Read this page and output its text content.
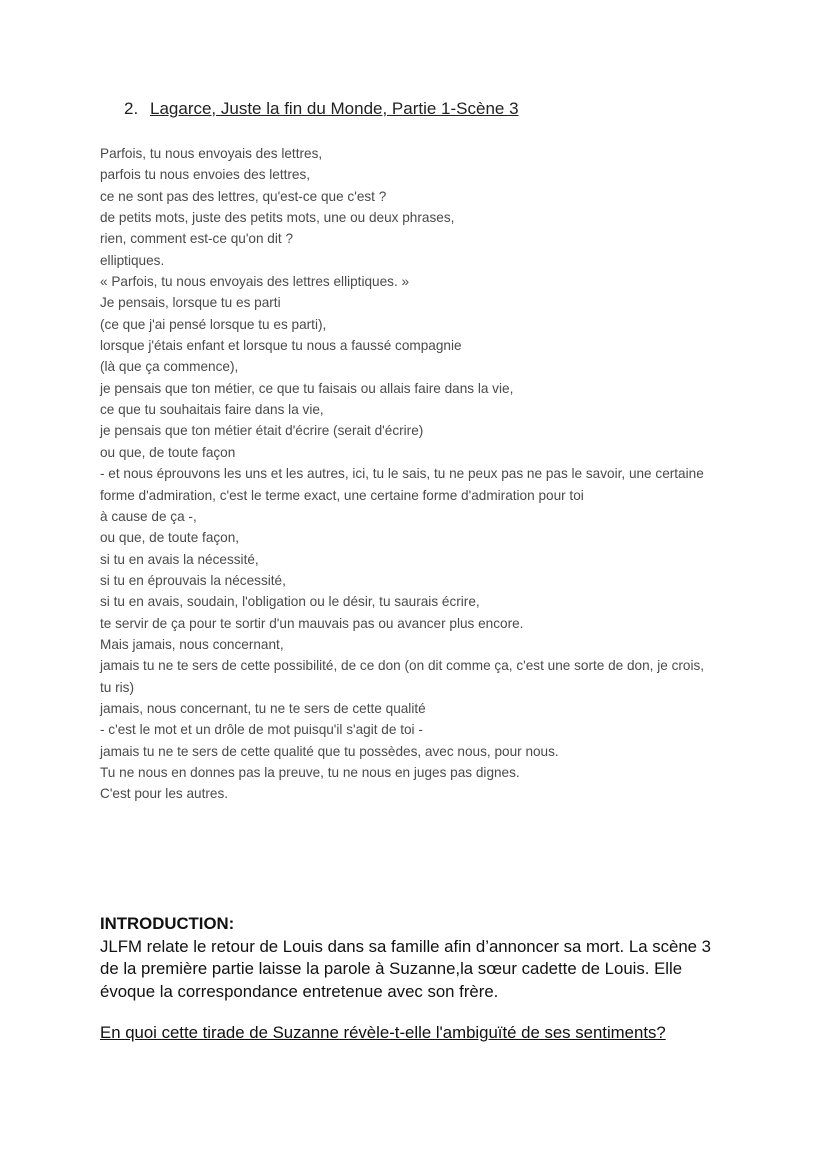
2. Lagarce, Juste la fin du Monde, Partie 1-Scène 3
Parfois, tu nous envoyais des lettres,
parfois tu nous envoies des lettres,
ce ne sont pas des lettres, qu'est-ce que c'est ?
de petits mots, juste des petits mots, une ou deux phrases,
rien, comment est-ce qu'on dit ?
elliptiques.
« Parfois, tu nous envoyais des lettres elliptiques. »
Je pensais, lorsque tu es parti
(ce que j'ai pensé lorsque tu es parti),
lorsque j'étais enfant et lorsque tu nous a faussé compagnie
(là que ça commence),
je pensais que ton métier, ce que tu faisais ou allais faire dans la vie,
ce que tu souhaitais faire dans la vie,
je pensais que ton métier était d'écrire (serait d'écrire)
ou que, de toute façon
- et nous éprouvons les uns et les autres, ici, tu le sais, tu ne peux pas ne pas le savoir, une certaine
forme d'admiration, c'est le terme exact, une certaine forme d'admiration pour toi
à cause de ça -,
ou que, de toute façon,
si tu en avais la nécessité,
si tu en éprouvais la nécessité,
si tu en avais, soudain, l'obligation ou le désir, tu saurais écrire,
te servir de ça pour te sortir d'un mauvais pas ou avancer plus encore.
Mais jamais, nous concernant,
jamais tu ne te sers de cette possibilité, de ce don (on dit comme ça, c'est une sorte de don, je crois,
tu ris)
jamais, nous concernant, tu ne te sers de cette qualité
- c'est le mot et un drôle de mot puisqu'il s'agit de toi -
jamais tu ne te sers de cette qualité que tu possèdes, avec nous, pour nous.
Tu ne nous en donnes pas la preuve, tu ne nous en juges pas dignes.
C'est pour les autres.
INTRODUCTION:
JLFM relate le retour de Louis dans sa famille afin d’annoncer sa mort. La scène 3
de la première partie laisse la parole à Suzanne,la sœur cadette de Louis. Elle
évoque la correspondance entretenue avec son frère.
En quoi cette tirade de Suzanne révèle-t-elle l'ambiguïté de ses sentiments?
